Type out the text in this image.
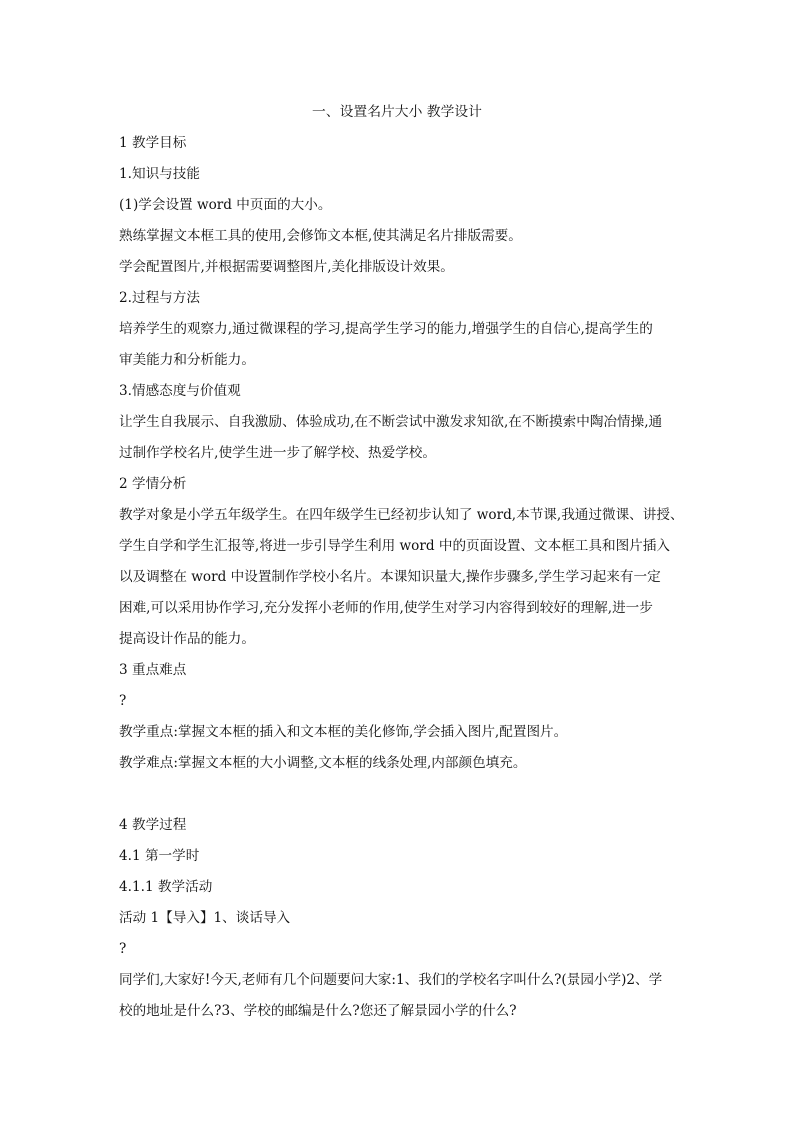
一、设置名片大小 教学设计
1 教学目标
1.知识与技能
(1)学会设置 word 中页面的大小。
熟练掌握文本框工具的使用,会修饰文本框,使其满足名片排版需要。
学会配置图片,并根据需要调整图片,美化排版设计效果。
2.过程与方法
培养学生的观察力,通过微课程的学习,提高学生学习的能力,增强学生的自信心,提高学生的
审美能力和分析能力。
3.情感态度与价值观
让学生自我展示、自我激励、体验成功,在不断尝试中激发求知欲,在不断摸索中陶冶情操,通
过制作学校名片,使学生进一步了解学校、热爱学校。
2 学情分析
教学对象是小学五年级学生。在四年级学生已经初步认知了 word,本节课,我通过微课、讲授、
学生自学和学生汇报等,将进一步引导学生利用 word 中的页面设置、文本框工具和图片插入
以及调整在 word 中设置制作学校小名片。本课知识量大,操作步骤多,学生学习起来有一定
困难,可以采用协作学习,充分发挥小老师的作用,使学生对学习内容得到较好的理解,进一步
提高设计作品的能力。
3 重点难点
?
教学重点:掌握文本框的插入和文本框的美化修饰,学会插入图片,配置图片。
教学难点:掌握文本框的大小调整,文本框的线条处理,内部颜色填充。
4 教学过程
4.1 第一学时
4.1.1 教学活动
活动 1【导入】1、谈话导入
?
同学们,大家好!今天,老师有几个问题要问大家:1、我们的学校名字叫什么?(景园小学)2、学
校的地址是什么?3、学校的邮编是什么?您还了解景园小学的什么?
